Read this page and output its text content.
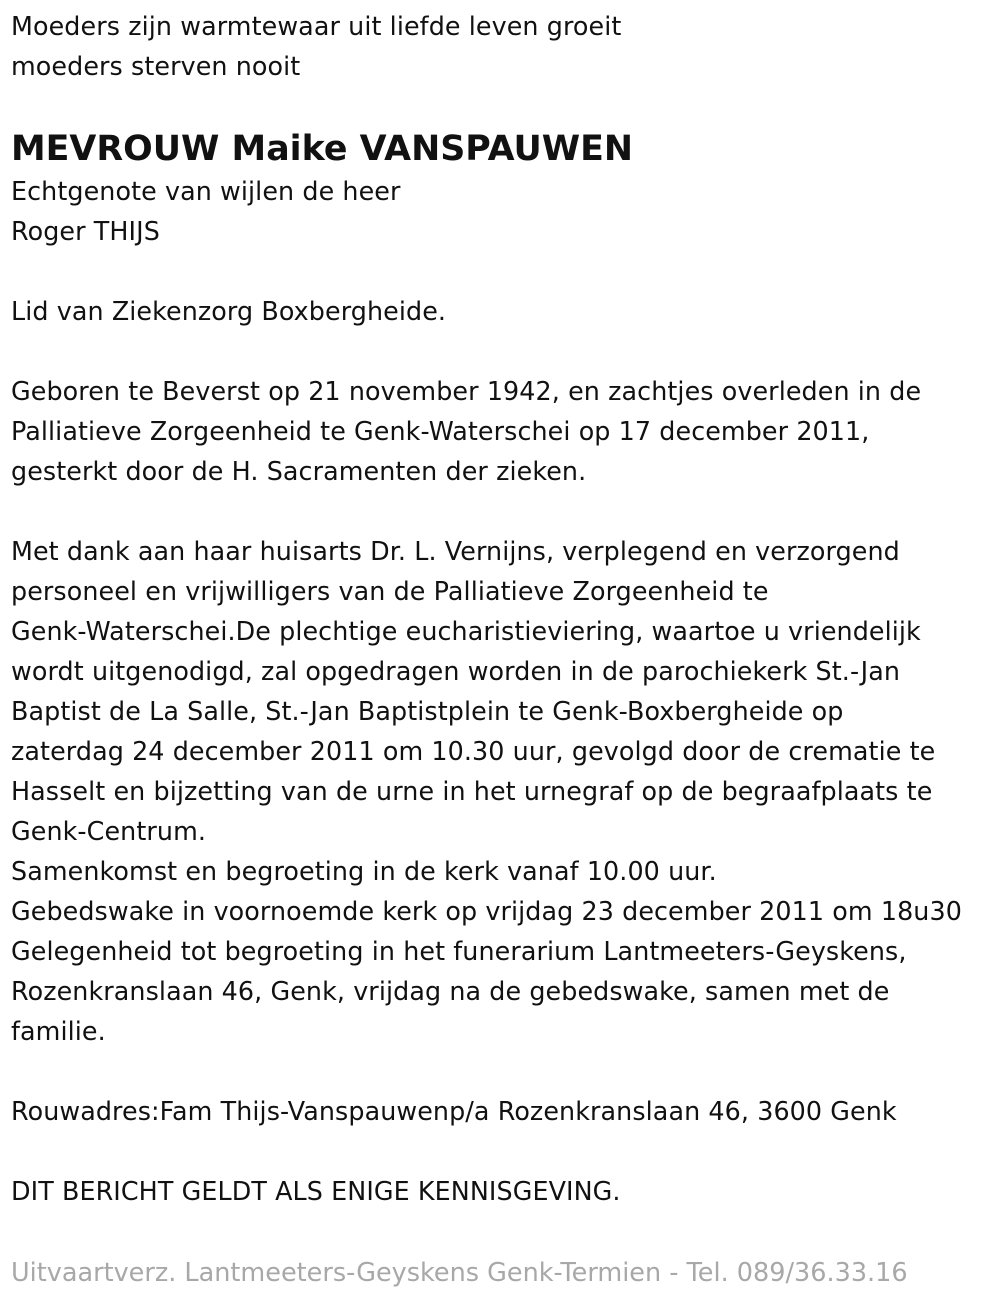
Moeders zijn warmtewaar uit liefde leven groeit
moeders sterven nooit
MEVROUW Maike VANSPAUWEN
Echtgenote van wijlen de heer
Roger THIJS
Lid van Ziekenzorg Boxbergheide.
Geboren te Beverst op 21 november 1942, en zachtjes overleden in de
Palliatieve Zorgeenheid te Genk-Waterschei op 17 december 2011,
gesterkt door de H. Sacramenten der zieken.
Met dank aan haar huisarts Dr. L. Vernijns, verplegend en verzorgend
personeel en vrijwilligers van de Palliatieve Zorgeenheid te
Genk-Waterschei.De plechtige eucharistieviering, waartoe u vriendelijk
wordt uitgenodigd, zal opgedragen worden in de parochiekerk St.-Jan
Baptist de La Salle, St.-Jan Baptistplein te Genk-Boxbergheide op
zaterdag 24 december 2011 om 10.30 uur, gevolgd door de crematie te
Hasselt en bijzetting van de urne in het urnegraf op de begraafplaats te
Genk-Centrum.
Samenkomst en begroeting in de kerk vanaf 10.00 uur.
Gebedswake in voornoemde kerk op vrijdag 23 december 2011 om 18u30
Gelegenheid tot begroeting in het funerarium Lantmeeters-Geyskens,
Rozenkranslaan 46, Genk, vrijdag na de gebedswake, samen met de
familie.
Rouwadres:Fam Thijs-Vanspauwenp/a Rozenkranslaan 46, 3600 Genk
DIT BERICHT GELDT ALS ENIGE KENNISGEVING.
Uitvaartverz. Lantmeeters-Geyskens Genk-Termien - Tel. 089/36.33.16
